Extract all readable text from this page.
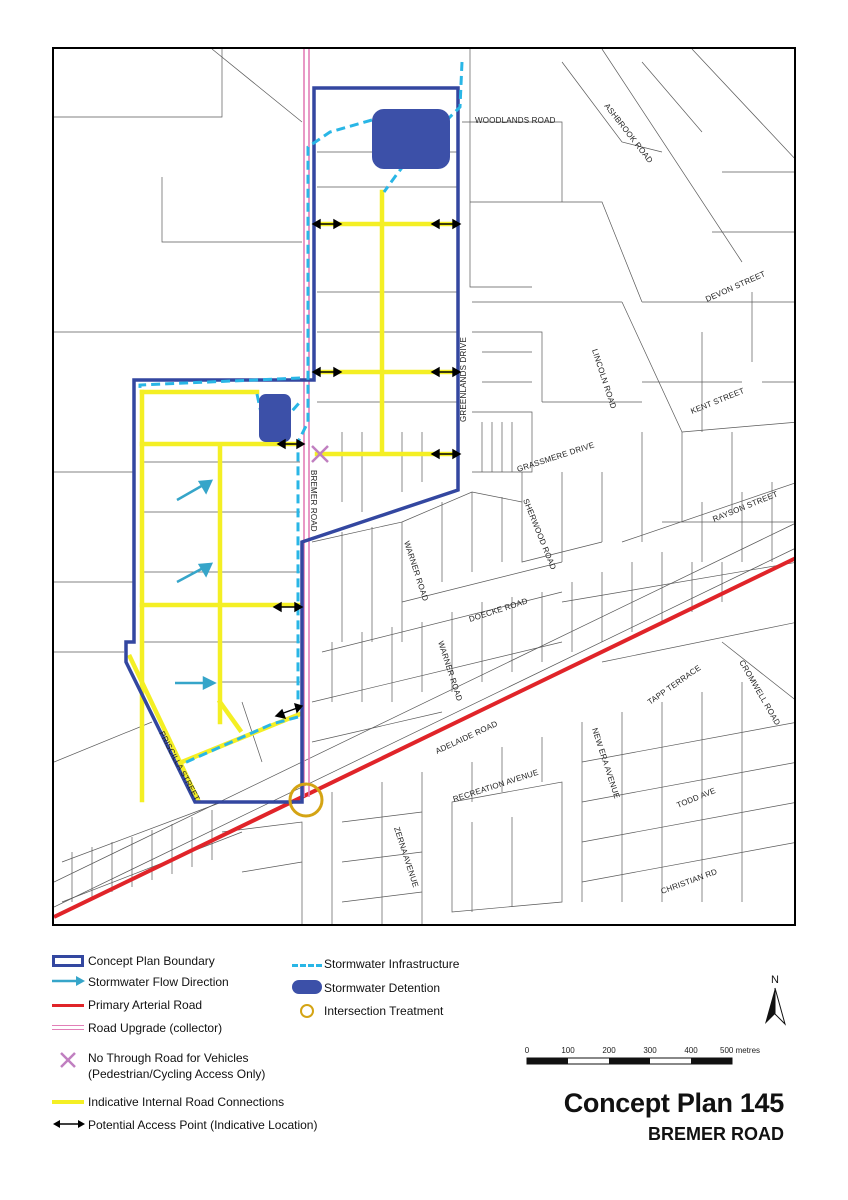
WOODLANDS ROAD	ASHBROOK ROAD
DEVON STREET
LINCOLN ROAD	KENT STREET
GREENLANDS DRIVE
GRASSMERE DRIVE
RAYSON STREET
SHERWOOD ROAD
BREMER ROAD
WARNER ROAD
DOECKE ROAD
WARNER ROAD	CROMWELL ROAD
TAPP TERRACE
ADELAIDE ROAD	NEW ERA AVENUE
RECREATION AVENUE	TODD AVE
PRISCILLA STREET
ZERNA AVENUE	CHRISTIAN RD
Concept Plan Boundary
Stormwater Flow Direction
Primary Arterial Road
Road Upgrade (collector)
No Through Road for Vehicles
(Pedestrian/Cycling Access Only)
Indicative Internal Road Connections
Potential Access Point (Indicative Location)
Stormwater Infrastructure
Stormwater Detention
Intersection Treatment
N
0	100	200	300	400	500 metres
Concept Plan 145
BREMER ROAD
